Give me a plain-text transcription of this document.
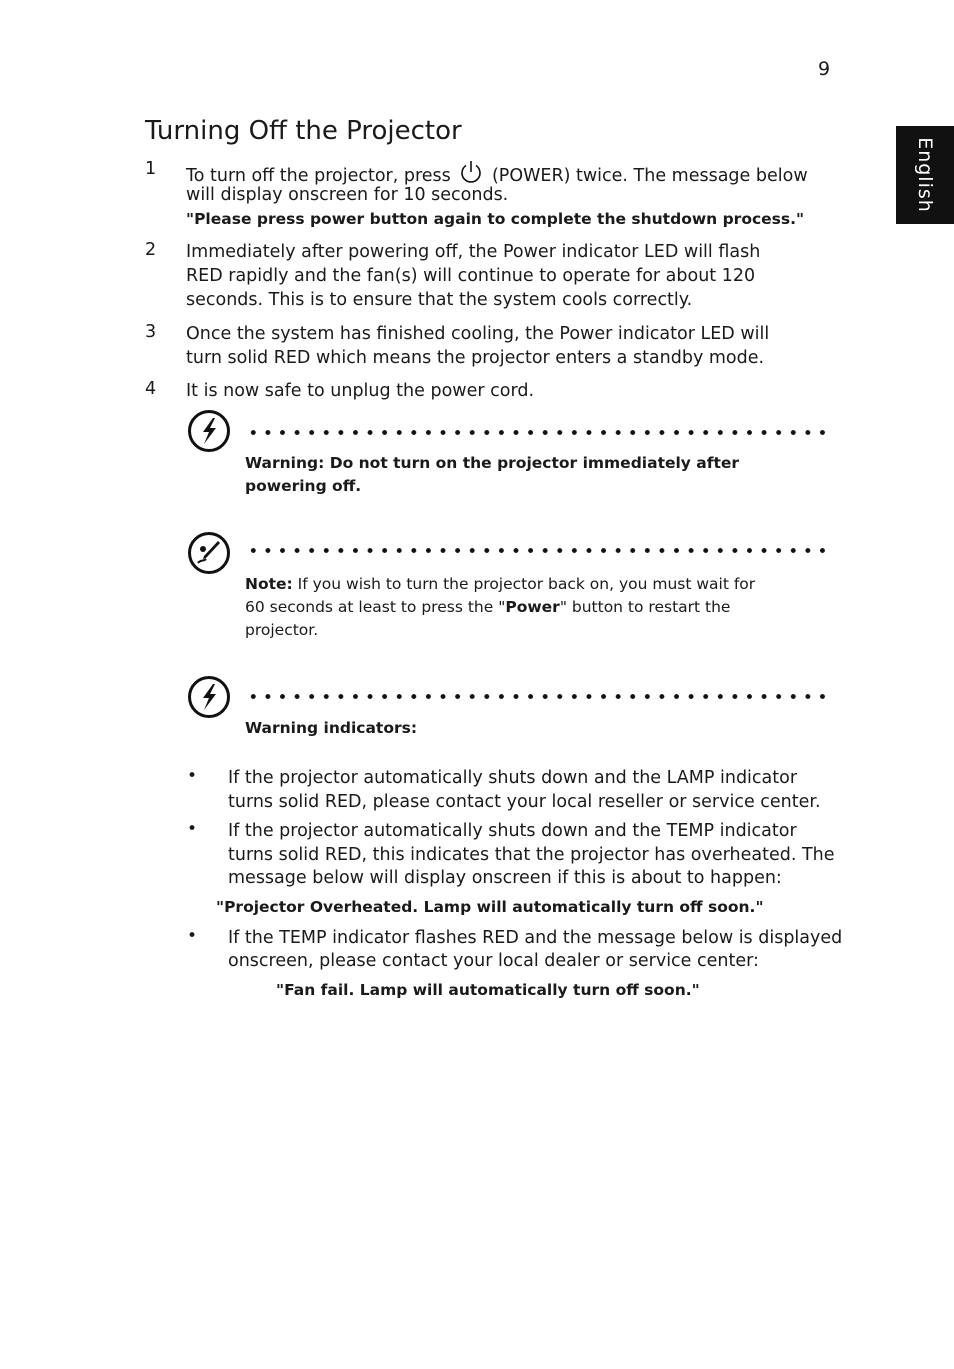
9
English
Turning Off the Projector
1 To turn off the projector, press (POWER) twice. The message below
will display onscreen for 10 seconds.
"Please press power button again to complete the shutdown process."
2 Immediately after powering off, the Power indicator LED will flash
RED rapidly and the fan(s) will continue to operate for about 120
seconds. This is to ensure that the system cools correctly.
3 Once the system has finished cooling, the Power indicator LED will
turn solid RED which means the projector enters a standby mode.
4 It is now safe to unplug the power cord.
Warning: Do not turn on the projector immediately after
powering off.
Note: If you wish to turn the projector back on, you must wait for
60 seconds at least to press the "Power" button to restart the
projector.
Warning indicators:
• If the projector automatically shuts down and the LAMP indicator
turns solid RED, please contact your local reseller or service center.
• If the projector automatically shuts down and the TEMP indicator
turns solid RED, this indicates that the projector has overheated. The
message below will display onscreen if this is about to happen:
"Projector Overheated. Lamp will automatically turn off soon."
• If the TEMP indicator flashes RED and the message below is displayed
onscreen, please contact your local dealer or service center:
"Fan fail. Lamp will automatically turn off soon."
